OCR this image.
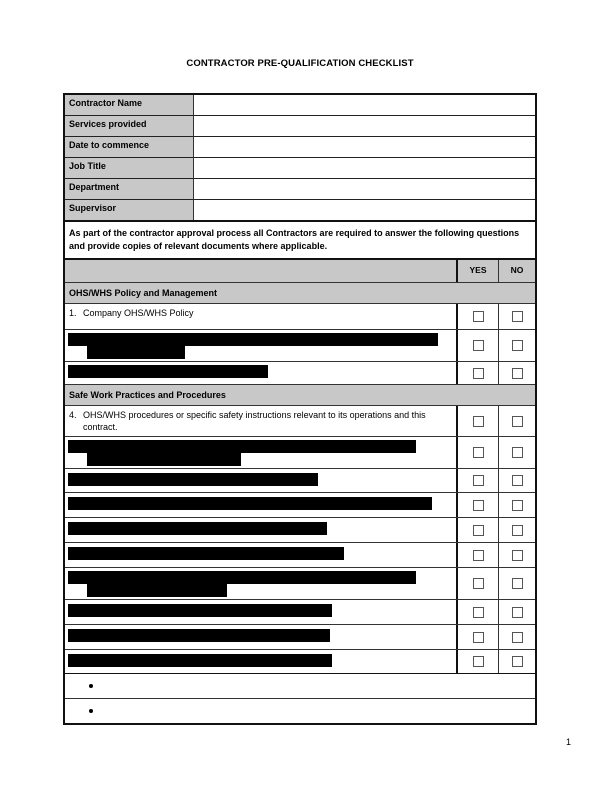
CONTRACTOR PRE-QUALIFICATION CHECKLIST
Contractor Name
Services provided
Date to commence
Job Title
Department
Supervisor
As part of the contractor approval process all Contractors are required to answer the following questions and provide copies of relevant documents where applicable.
YES	NO
OHS/WHS Policy and Management
1. Company OHS/WHS Policy
Safe Work Practices and Procedures
4. OHS/WHS procedures or specific safety instructions relevant to its operations and this contract.
1
